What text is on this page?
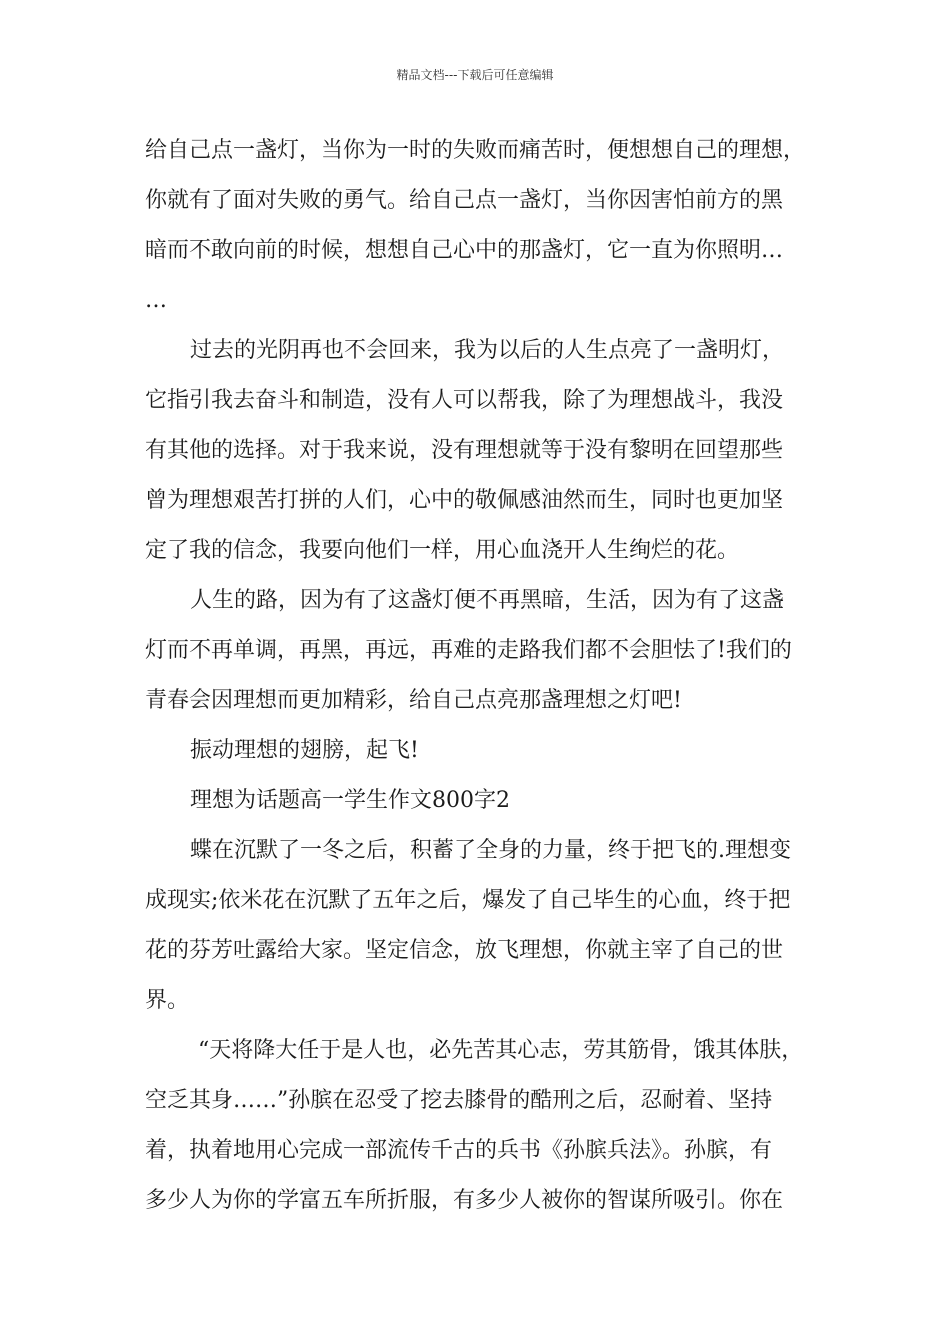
精品文档---下载后可任意编辑
给自己点一盏灯，当你为一时的失败而痛苦时，便想想自己的理想，
你就有了面对失败的勇气。给自己点一盏灯，当你因害怕前方的黑
暗而不敢向前的时候，想想自己心中的那盏灯，它一直为你照明…
…
过去的光阴再也不会回来，我为以后的人生点亮了一盏明灯，
它指引我去奋斗和制造，没有人可以帮我，除了为理想战斗，我没
有其他的选择。对于我来说，没有理想就等于没有黎明在回望那些
曾为理想艰苦打拼的人们，心中的敬佩感油然而生，同时也更加坚
定了我的信念，我要向他们一样，用心血浇开人生绚烂的花。
人生的路，因为有了这盏灯便不再黑暗，生活，因为有了这盏
灯而不再单调，再黑，再远，再难的走路我们都不会胆怯了!我们的
青春会因理想而更加精彩，给自己点亮那盏理想之灯吧!
振动理想的翅膀，起飞!
理想为话题高一学生作文800字2
蝶在沉默了一冬之后，积蓄了全身的力量，终于把飞的.理想变
成现实;依米花在沉默了五年之后，爆发了自己毕生的心血，终于把
花的芬芳吐露给大家。坚定信念，放飞理想，你就主宰了自己的世
界。
“天将降大任于是人也，必先苦其心志，劳其筋骨，饿其体肤，
空乏其身……”孙膑在忍受了挖去膝骨的酷刑之后，忍耐着、坚持
着，执着地用心完成一部流传千古的兵书《孙膑兵法》。孙膑，有
多少人为你的学富五车所折服，有多少人被你的智谋所吸引。你在
